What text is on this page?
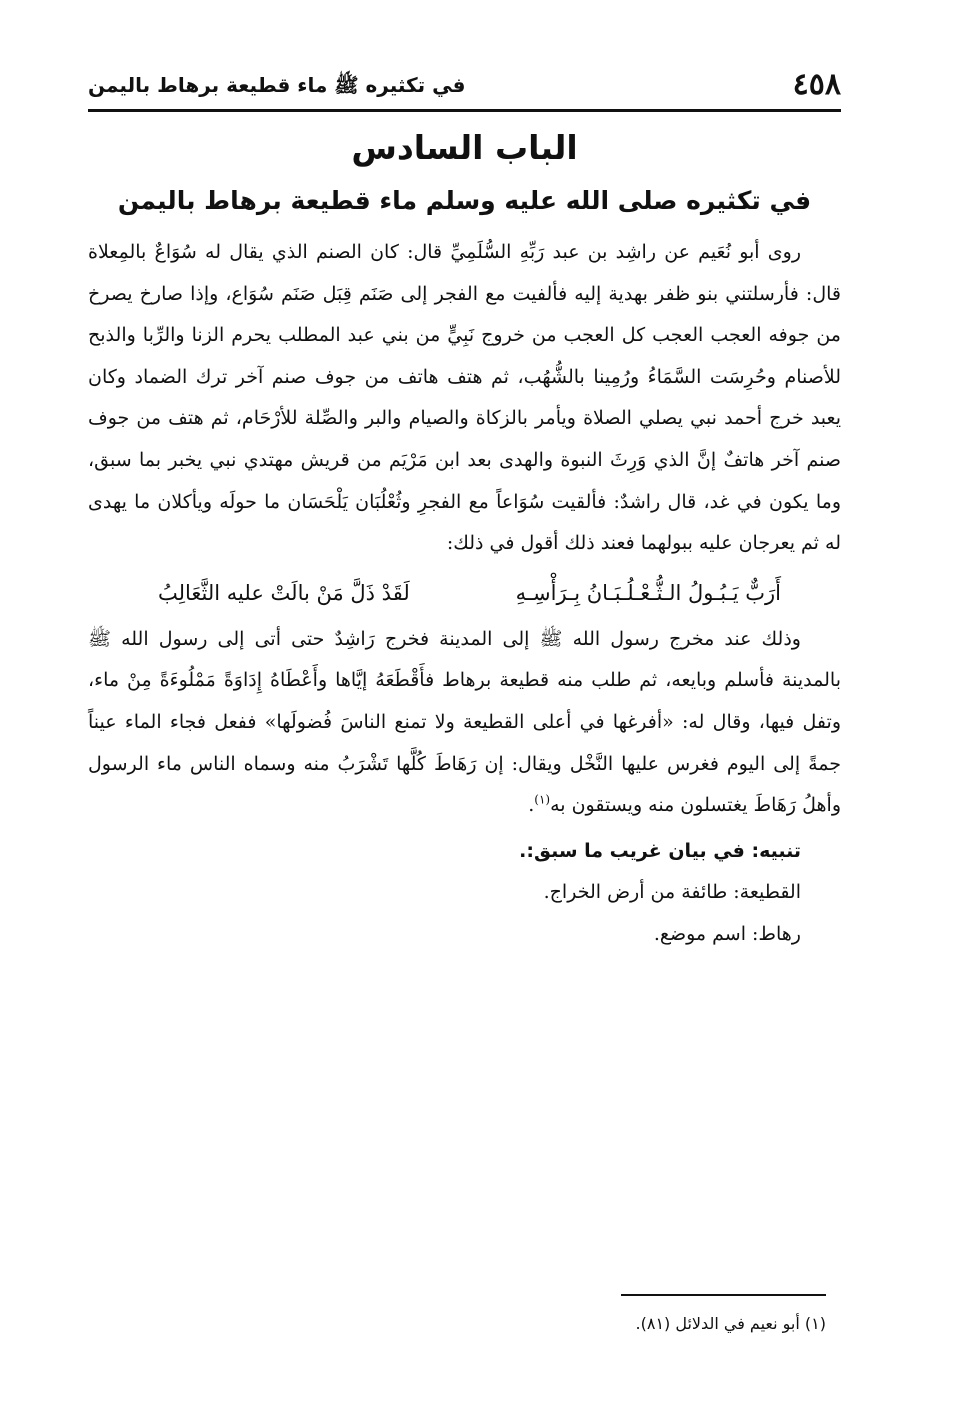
٤٥٨
في تكثيره ﷺ ماء قطيعة برهاط باليمن
الباب السادس
في تكثيره صلى الله عليه وسلم ماء قطيعة برهاط باليمن

روى أبو نُعَيم عن راشِد بن عبد رَبِّهِ السُّلَمِيِّ قال: كان الصنم الذي يقال له سُوَاعٌ بالمِعلاة قال: فأرسلتني بنو ظفر بهدية إليه فألفيت مع الفجر إلى صَنَم قِبَل صَنَم سُوَاع، وإذا صارخ يصرخ من جوفه العجب العجب كل العجب من خروج نَبِيٍّ من بني عبد المطلب يحرم الزنا والرِّبا والذبح للأصنام وحُرِسَت السَّمَاءُ ورُمِينا بالشُّهُب، ثم هتف هاتف من جوف صنم آخر ترك الضماد وكان يعبد خرج أحمد نبي يصلي الصلاة ويأمر بالزكاة والصيام والبر والصِّلة للأرْحَام، ثم هتف من جوف صنم آخر هاتفٌ إنَّ الذي وَرِثَ النبوة والهدى بعد ابن مَرْيَم من قريش مهتدي نبي يخبر بما سبق، وما يكون في غد، قال راشدٌ: فألقيت سُوَاعاً مع الفجرِ وثُعْلُبَان يَلْحَسَان ما حولَه ويأكلان ما يهدى له ثم يعرجان عليه ببولهما فعند ذلك أقول في ذلك:

أَرَبٌّ يَـبُـولُ الـثُّـعْـلُـبَـانُ بِـرَأْسِـهِ
لَقَدْ ذَلَّ مَنْ بالَتْ عليه الثَّعَالِبُ

وذلك عند مخرج رسول الله ﷺ إلى المدينة فخرج رَاشِدٌ حتى أتى إلى رسول الله ﷺ بالمدينة فأسلم وبايعه، ثم طلب منه قطيعة برهاط فأَقْطَعَهُ إيَّاها وأَعْطَاهُ إِدَاوَةً مَمْلُوءَةً مِنْ ماء، وتفل فيها، وقال له: «أفرغها في أعلى القطيعة ولا تمنع الناسَ فُضولَها» ففعل فجاء الماء عيناً جمةً إلى اليوم فغرس عليها النَّخْل ويقال: إن رَهَاطَ كُلَّها تَشْرَبُ منه وسماه الناس ماء الرسول وأهلُ رَهَاطَ يغتسلون منه ويستقون به$^{(١)}$.

تنبيه: في بيان غريب ما سبق:.

القطيعة: طائفة من أرض الخراج.

رهاط: اسم موضع.

(١) أبو نعيم في الدلائل (٨١).
